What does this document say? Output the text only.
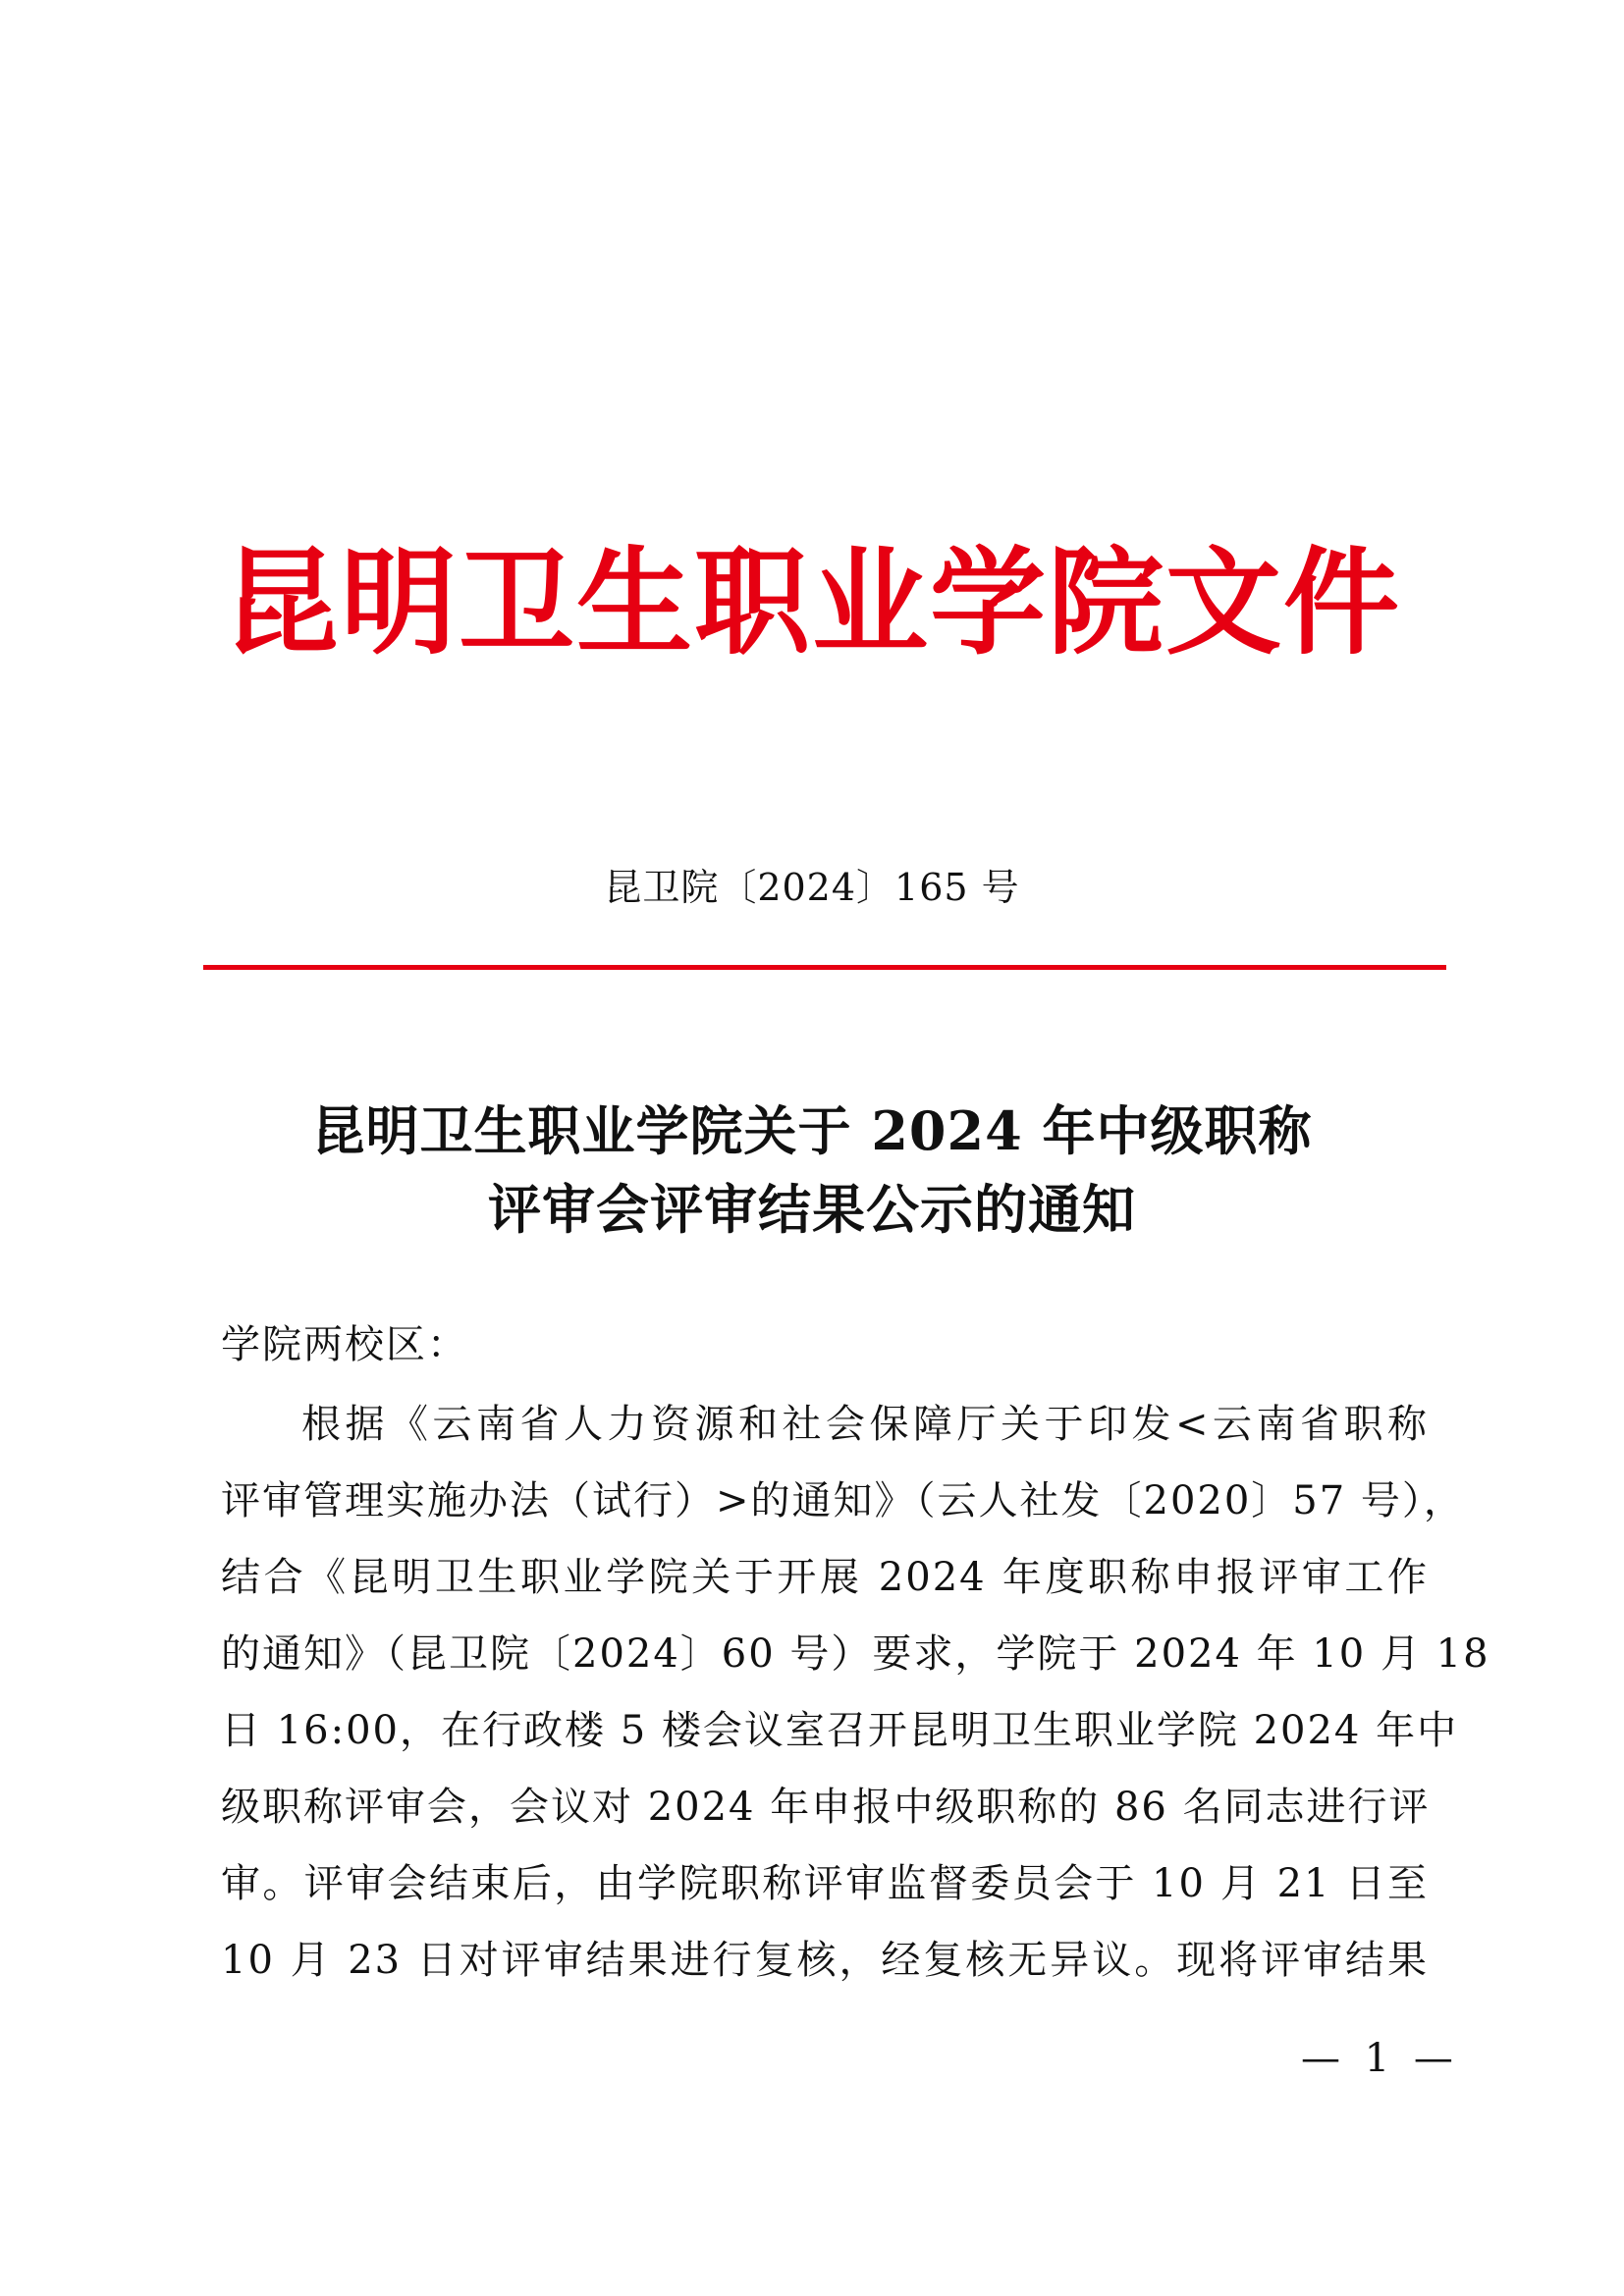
昆明卫生职业学院文件
昆卫院〔2024〕165 号
昆明卫生职业学院关于 2024 年中级职称
评审会评审结果公示的通知
学院两校区：
根据《云南省人力资源和社会保障厅关于印发<云南省职称
评审管理实施办法（试行）>的通知》（云人社发〔2020〕57 号），
结合《昆明卫生职业学院关于开展 2024 年度职称申报评审工作
的通知》（昆卫院〔2024〕60 号）要求，学院于 2024 年 10 月 18
日 16:00，在行政楼 5 楼会议室召开昆明卫生职业学院 2024 年中
级职称评审会，会议对 2024 年申报中级职称的 86 名同志进行评
审。评审会结束后，由学院职称评审监督委员会于 10 月 21 日至
10 月 23 日对评审结果进行复核，经复核无异议。现将评审结果
— 1 —
